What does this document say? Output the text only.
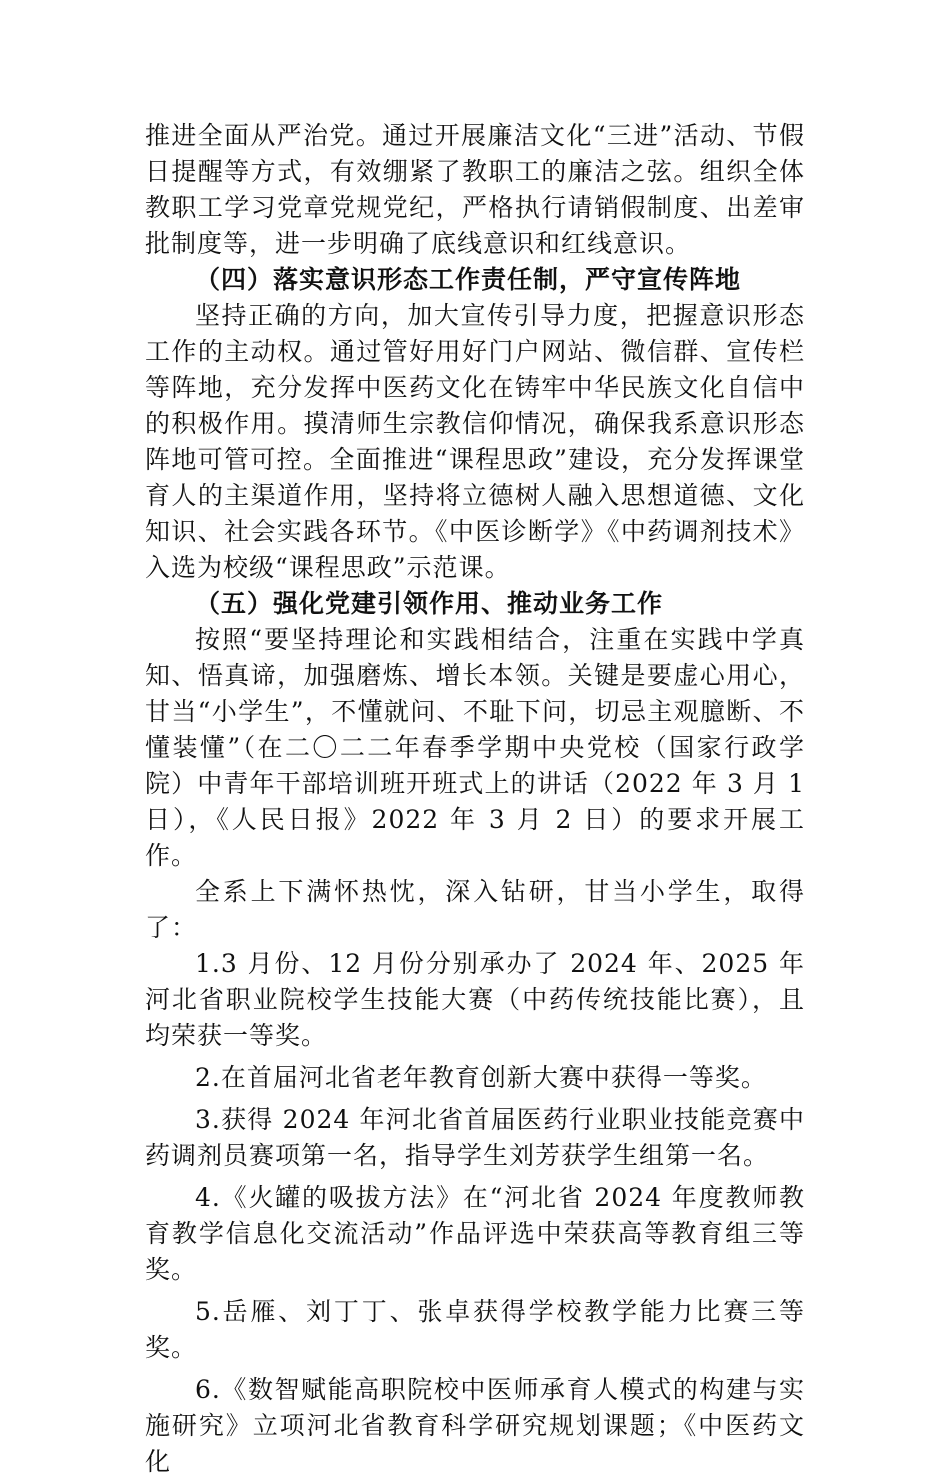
推进全面从严治党。通过开展廉洁文化“三进”活动、节假日提醒等方式，有效绷紧了教职工的廉洁之弦。组织全体教职工学习党章党规党纪，严格执行请销假制度、出差审批制度等，进一步明确了底线意识和红线意识。

（四）落实意识形态工作责任制，严守宣传阵地

坚持正确的方向，加大宣传引导力度，把握意识形态工作的主动权。通过管好用好门户网站、微信群、宣传栏等阵地，充分发挥中医药文化在铸牢中华民族文化自信中的积极作用。摸清师生宗教信仰情况，确保我系意识形态阵地可管可控。全面推进“课程思政”建设，充分发挥课堂育人的主渠道作用，坚持将立德树人融入思想道德、文化知识、社会实践各环节。《中医诊断学》《中药调剂技术》入选为校级“课程思政”示范课。

（五）强化党建引领作用、推动业务工作

按照“要坚持理论和实践相结合，注重在实践中学真知、悟真谛，加强磨炼、增长本领。关键是要虚心用心，甘当“小学生”，不懂就问、不耻下问，切忌主观臆断、不懂装懂”（在二〇二二年春季学期中央党校（国家行政学院）中青年干部培训班开班式上的讲话（2022 年 3 月 1 日），《人民日报》2022 年 3 月 2 日）的要求开展工作。

全系上下满怀热忱，深入钻研，甘当小学生，取得了：

1.3 月份、12 月份分别承办了 2024 年、2025 年河北省职业院校学生技能大赛（中药传统技能比赛），且均荣获一等奖。

2.在首届河北省老年教育创新大赛中获得一等奖。

3.获得 2024 年河北省首届医药行业职业技能竞赛中药调剂员赛项第一名，指导学生刘芳获学生组第一名。

4.《火罐的吸拔方法》在“河北省 2024 年度教师教育教学信息化交流活动”作品评选中荣获高等教育组三等奖。

5.岳雁、刘丁丁、张卓获得学校教学能力比赛三等奖。

6.《数智赋能高职院校中医师承育人模式的构建与实施研究》立项河北省教育科学研究规划课题；《中医药文化
